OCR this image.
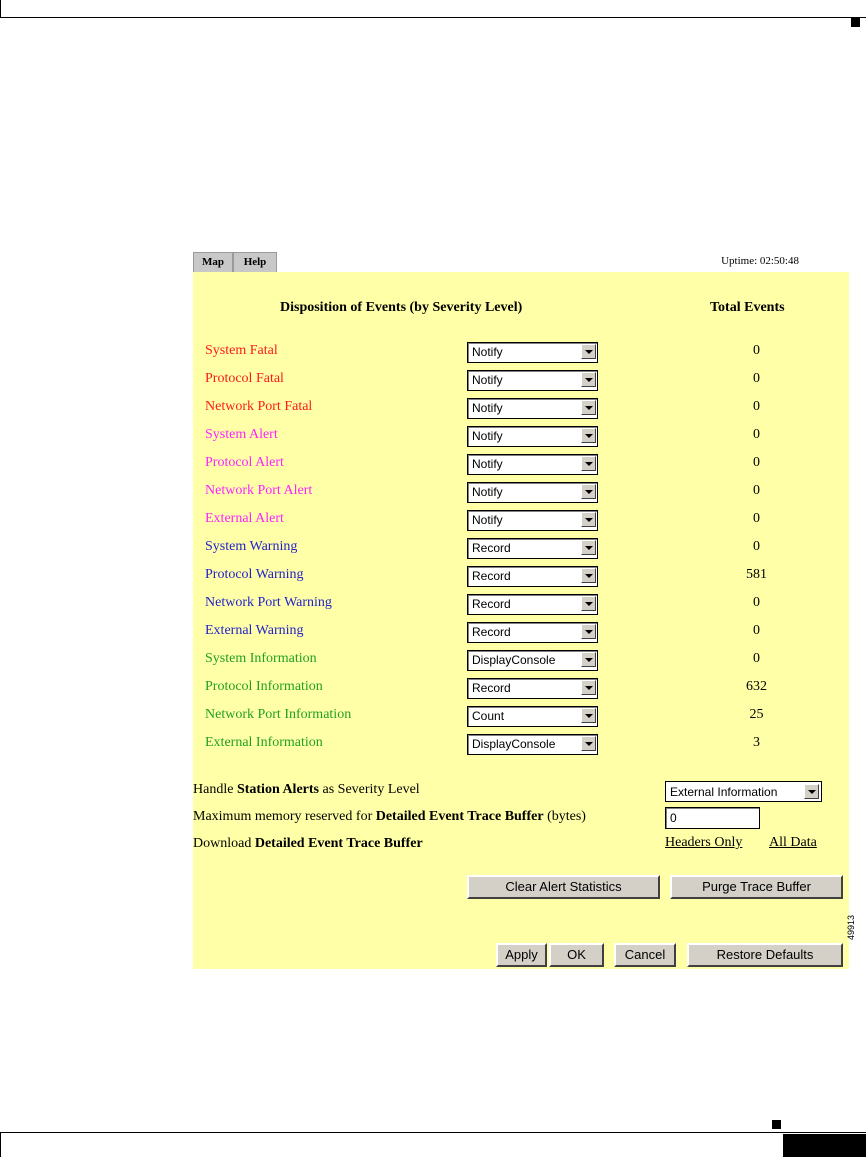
Map	Help	Uptime: 02:50:48
Disposition of Events (by Severity Level)	Total Events
System Fatal	Notify	0
Protocol Fatal	Notify	0
Network Port Fatal	Notify	0
System Alert	Notify	0
Protocol Alert	Notify	0
Network Port Alert	Notify	0
External Alert	Notify	0
System Warning	Record	0
Protocol Warning	Record	581
Network Port Warning	Record	0
External Warning	Record	0
System Information	DisplayConsole	0
Protocol Information	Record	632
Network Port Information	Count	25
External Information	DisplayConsole	3
Handle Station Alerts as Severity Level	External Information
Maximum memory reserved for Detailed Event Trace Buffer (bytes)	0
Download Detailed Event Trace Buffer	Headers Only All Data
Clear Alert Statistics	Purge Trace Buffer
Apply	OK	Cancel	Restore Defaults
49913
